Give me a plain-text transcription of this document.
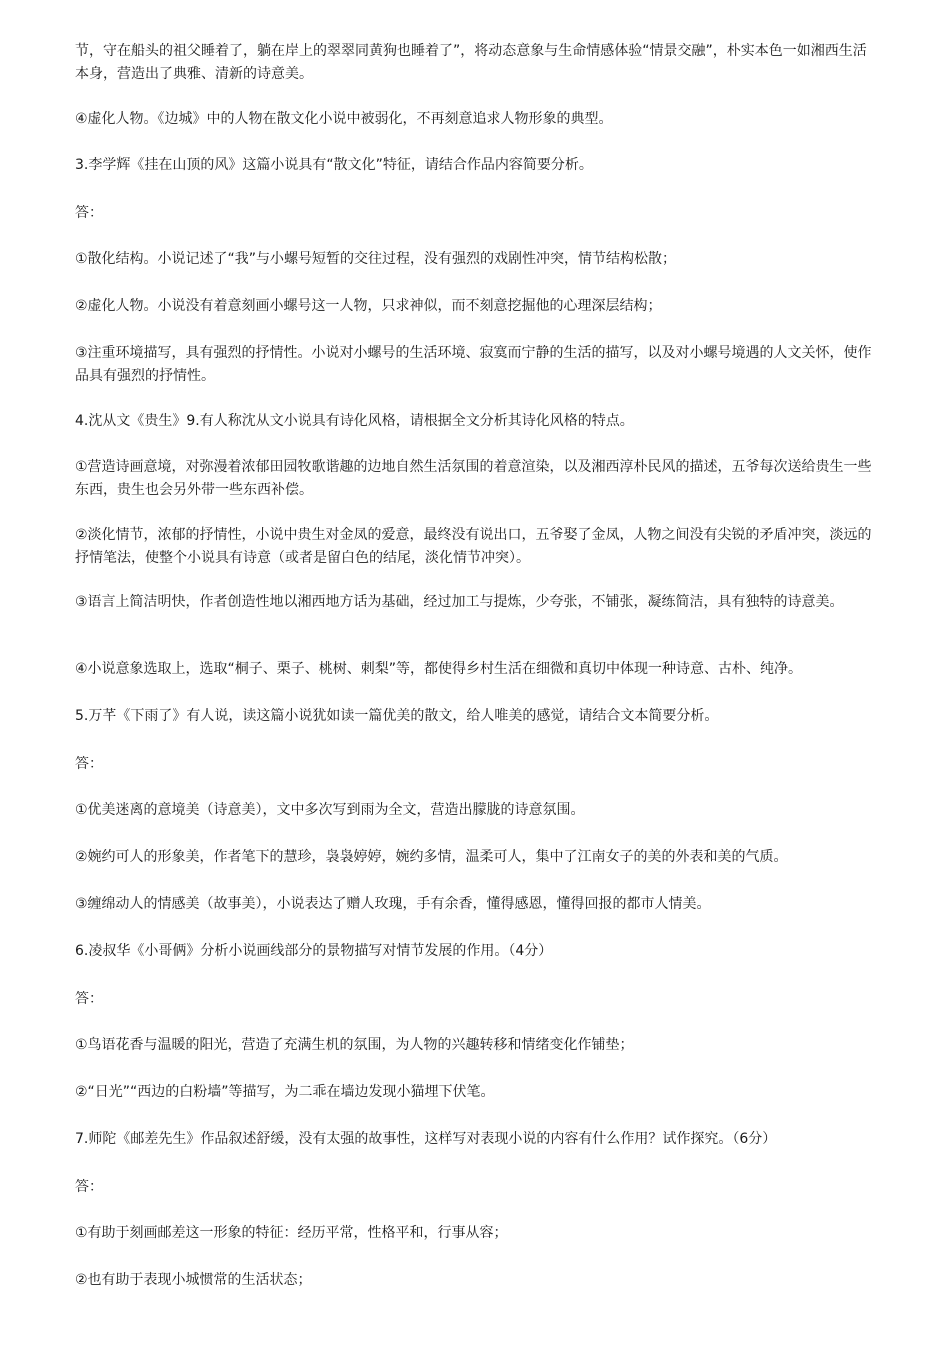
节，守在船头的祖父睡着了，躺在岸上的翠翠同黄狗也睡着了”，将动态意象与生命情感体验“情景交融”，朴实本色一如湘西生活本身，营造出了典雅、清新的诗意美。

④虚化人物。《边城》中的人物在散文化小说中被弱化，不再刻意追求人物形象的典型。

3.李学辉《挂在山顶的风》这篇小说具有“散文化”特征，请结合作品内容简要分析。

答：

①散化结构。小说记述了“我”与小螺号短暂的交往过程，没有强烈的戏剧性冲突，情节结构松散；

②虚化人物。小说没有着意刻画小螺号这一人物，只求神似，而不刻意挖掘他的心理深层结构；

③注重环境描写，具有强烈的抒情性。小说对小螺号的生活环境、寂寞而宁静的生活的描写，以及对小螺号境遇的人文关怀，使作品具有强烈的抒情性。

4.沈从文《贵生》9.有人称沈从文小说具有诗化风格，请根据全文分析其诗化风格的特点。

①营造诗画意境，对弥漫着浓郁田园牧歌谐趣的边地自然生活氛围的着意渲染，以及湘西淳朴民风的描述，五爷每次送给贵生一些东西，贵生也会另外带一些东西补偿。

②淡化情节，浓郁的抒情性，小说中贵生对金凤的爱意，最终没有说出口，五爷娶了金凤，人物之间没有尖锐的矛盾冲突，淡远的抒情笔法，使整个小说具有诗意（或者是留白色的结尾，淡化情节冲突）。

③语言上简洁明快，作者创造性地以湘西地方话为基础，经过加工与提炼，少夸张，不铺张，凝练简洁，具有独特的诗意美。

④小说意象选取上，选取“桐子、栗子、桃树、刺梨”等，都使得乡村生活在细微和真切中体现一种诗意、古朴、纯净。

5.万芊《下雨了》有人说，读这篇小说犹如读一篇优美的散文，给人唯美的感觉，请结合文本简要分析。

答：

①优美迷离的意境美（诗意美），文中多次写到雨为全文，营造出朦胧的诗意氛围。

②婉约可人的形象美，作者笔下的慧珍，袅袅婷婷，婉约多情，温柔可人，集中了江南女子的美的外表和美的气质。

③缠绵动人的情感美（故事美），小说表达了赠人玫瑰，手有余香，懂得感恩，懂得回报的都市人情美。

6.凌叔华《小哥俩》分析小说画线部分的景物描写对情节发展的作用。（4分）

答：

①鸟语花香与温暖的阳光，营造了充满生机的氛围，为人物的兴趣转移和情绪变化作铺垫；

②“日光”“西边的白粉墙”等描写，为二乖在墙边发现小猫埋下伏笔。

7.师陀《邮差先生》作品叙述舒缓，没有太强的故事性，这样写对表现小说的内容有什么作用？试作探究。（6分）

答：

①有助于刻画邮差这一形象的特征：经历平常，性格平和，行事从容；

②也有助于表现小城惯常的生活状态；
